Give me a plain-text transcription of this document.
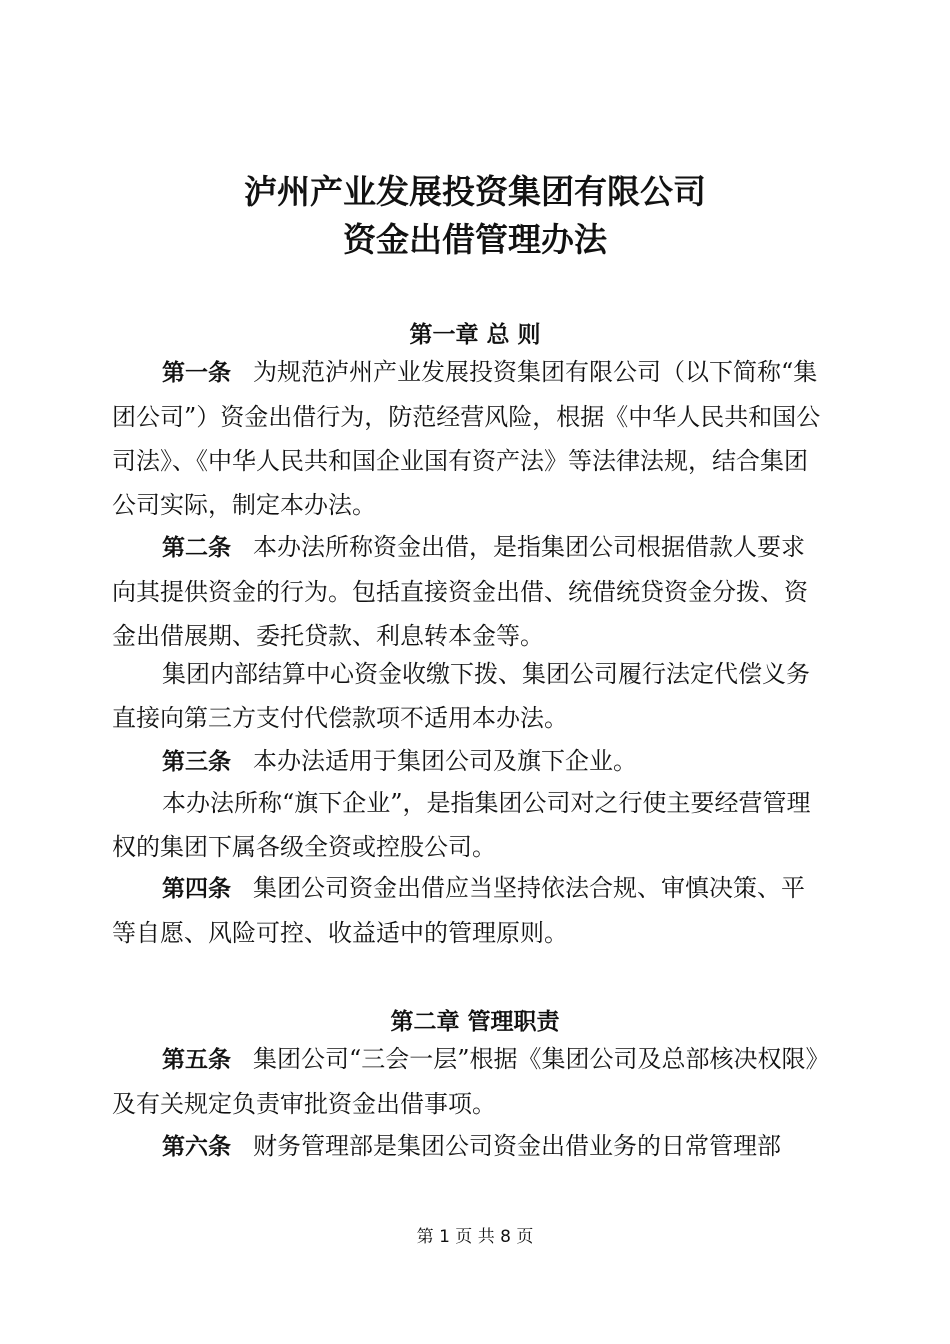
泸州产业发展投资集团有限公司
资金出借管理办法
第一章 总 则

第一条 为规范泸州产业发展投资集团有限公司（以下简称“集团公司”）资金出借行为，防范经营风险，根据《中华人民共和国公司法》、《中华人民共和国企业国有资产法》等法律法规，结合集团公司实际，制定本办法。

第二条 本办法所称资金出借，是指集团公司根据借款人要求向其提供资金的行为。包括直接资金出借、统借统贷资金分拨、资金出借展期、委托贷款、利息转本金等。

集团内部结算中心资金收缴下拨、集团公司履行法定代偿义务直接向第三方支付代偿款项不适用本办法。

第三条 本办法适用于集团公司及旗下企业。

本办法所称“旗下企业”，是指集团公司对之行使主要经营管理权的集团下属各级全资或控股公司。

第四条 集团公司资金出借应当坚持依法合规、审慎决策、平等自愿、风险可控、收益适中的管理原则。

第二章 管理职责

第五条 集团公司“三会一层”根据《集团公司及总部核决权限》及有关规定负责审批资金出借事项。

第六条 财务管理部是集团公司资金出借业务的日常管理部

第 1 页 共 8 页
